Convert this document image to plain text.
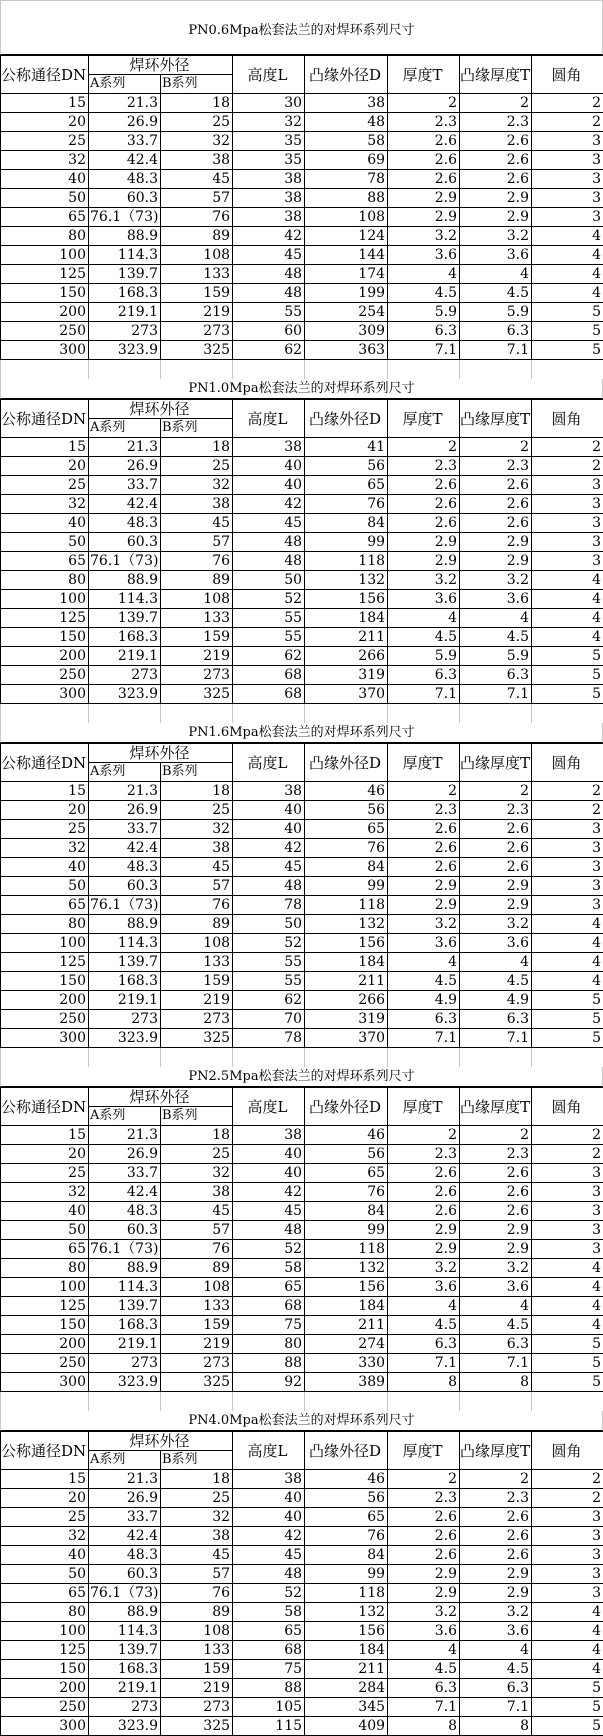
PN0.6Mpa松套法兰的对焊环系列尺寸
公称通径DN	焊环外径		高度L	凸缘外径D	厚度T	凸缘厚度T	圆角
	A系列	B系列					
15	21.3	18	30	38	2	2	2
20	26.9	25	32	48	2.3	2.3	2
25	33.7	32	35	58	2.6	2.6	3
32	42.4	38	35	69	2.6	2.6	3
40	48.3	45	38	78	2.6	2.6	3
50	60.3	57	38	88	2.9	2.9	3
65	76.1（73)	76	38	108	2.9	2.9	3
80	88.9	89	42	124	3.2	3.2	4
100	114.3	108	45	144	3.6	3.6	4
125	139.7	133	48	174	4	4	4
150	168.3	159	48	199	4.5	4.5	4
200	219.1	219	55	254	5.9	5.9	5
250	273	273	60	309	6.3	6.3	5
300	323.9	325	62	363	7.1	7.1	5

PN1.0Mpa松套法兰的对焊环系列尺寸
公称通径DN	焊环外径		高度L	凸缘外径D	厚度T	凸缘厚度T	圆角
	A系列	B系列					
15	21.3	18	38	41	2	2	2
20	26.9	25	40	56	2.3	2.3	2
25	33.7	32	40	65	2.6	2.6	3
32	42.4	38	42	76	2.6	2.6	3
40	48.3	45	45	84	2.6	2.6	3
50	60.3	57	48	99	2.9	2.9	3
65	76.1（73)	76	48	118	2.9	2.9	3
80	88.9	89	50	132	3.2	3.2	4
100	114.3	108	52	156	3.6	3.6	4
125	139.7	133	55	184	4	4	4
150	168.3	159	55	211	4.5	4.5	4
200	219.1	219	62	266	5.9	5.9	5
250	273	273	68	319	6.3	6.3	5
300	323.9	325	68	370	7.1	7.1	5

PN1.6Mpa松套法兰的对焊环系列尺寸
公称通径DN	焊环外径		高度L	凸缘外径D	厚度T	凸缘厚度T	圆角
	A系列	B系列					
15	21.3	18	38	46	2	2	2
20	26.9	25	40	56	2.3	2.3	2
25	33.7	32	40	65	2.6	2.6	3
32	42.4	38	42	76	2.6	2.6	3
40	48.3	45	45	84	2.6	2.6	3
50	60.3	57	48	99	2.9	2.9	3
65	76.1（73)	76	78	118	2.9	2.9	3
80	88.9	89	50	132	3.2	3.2	4
100	114.3	108	52	156	3.6	3.6	4
125	139.7	133	55	184	4	4	4
150	168.3	159	55	211	4.5	4.5	4
200	219.1	219	62	266	4.9	4.9	5
250	273	273	70	319	6.3	6.3	5
300	323.9	325	78	370	7.1	7.1	5

PN2.5Mpa松套法兰的对焊环系列尺寸
公称通径DN	焊环外径		高度L	凸缘外径D	厚度T	凸缘厚度T	圆角
	A系列	B系列					
15	21.3	18	38	46	2	2	2
20	26.9	25	40	56	2.3	2.3	2
25	33.7	32	40	65	2.6	2.6	3
32	42.4	38	42	76	2.6	2.6	3
40	48.3	45	45	84	2.6	2.6	3
50	60.3	57	48	99	2.9	2.9	3
65	76.1（73)	76	52	118	2.9	2.9	3
80	88.9	89	58	132	3.2	3.2	4
100	114.3	108	65	156	3.6	3.6	4
125	139.7	133	68	184	4	4	4
150	168.3	159	75	211	4.5	4.5	4
200	219.1	219	80	274	6.3	6.3	5
250	273	273	88	330	7.1	7.1	5
300	323.9	325	92	389	8	8	5

PN4.0Mpa松套法兰的对焊环系列尺寸
公称通径DN	焊环外径		高度L	凸缘外径D	厚度T	凸缘厚度T	圆角
	A系列	B系列					
15	21.3	18	38	46	2	2	2
20	26.9	25	40	56	2.3	2.3	2
25	33.7	32	40	65	2.6	2.6	3
32	42.4	38	42	76	2.6	2.6	3
40	48.3	45	45	84	2.6	2.6	3
50	60.3	57	48	99	2.9	2.9	3
65	76.1（73)	76	52	118	2.9	2.9	3
80	88.9	89	58	132	3.2	3.2	4
100	114.3	108	65	156	3.6	3.6	4
125	139.7	133	68	184	4	4	4
150	168.3	159	75	211	4.5	4.5	4
200	219.1	219	88	284	6.3	6.3	5
250	273	273	105	345	7.1	7.1	5
300	323.9	325	115	409	8	8	5
